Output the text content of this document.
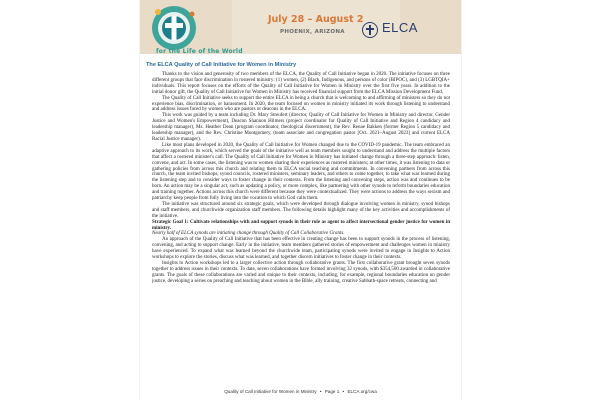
for the Life of the World
July 28 – August 2
PHOENIX, ARIZONA	ELCA
The ELCA Quality of Call Initiative for Women in Ministry

Thanks to the vision and generosity of two members of the ELCA, the Quality of Call Initiative began in 2020. The initiative focuses on three different groups that face discrimination in rostered ministry: (1) women, (2) Black, Indigenous, and persons of color (BIPOC), and (3) LGBTQIA+ individuals. This report focuses on the efforts of the Quality of Call Initiative for Women in Ministry over the first five years. In addition to the initial donor gift, the Quality of Call Initiative for Women in Ministry has received financial support from the ELCA Mission Development Fund.

The Quality of Call Initiative seeks to support the entire ELCA in being a church that is welcoming to and affirming of ministers so they do not experience bias, discrimination, or harassment. In 2020, the team focused on women in ministry initiated its work through listening to understand and address issues faced by women who are pastors or deacons in the ELCA.

This work was guided by a team including Dr. Mary Streufert (director, Quality of Call Initiative for Women in Ministry and director, Gender Justice and Women's Empowerment), Deacon Shannon Hilmers (project coordinator for Quality of Call Initiative and Region 4 candidacy and leadership manager), Ms. Heather Dean (program coordinator, theological discernment), the Rev. Renae Bakken (former Region 5 candidacy and leadership manager), and the Rev. Christine Montgomery, (team associate and congregation pastor [Oct. 2021–August 2023] and current ELCA Racial Justice manager).

Like most plans developed in 2020, the Quality of Call Initiative for Women changed due to the COVID-19 pandemic. The team embraced an adaptive approach to its work, which served the goals of the initiative well as team members sought to understand and address the multiple factors that affect a rostered minister's call. The Quality of Call Initiative for Women in Ministry has initiated change through a three-step approach: listen, convene, and act. In some cases, the listening was to women sharing their experiences as rostered ministers; at other times, it was listening to data or gathering policies from across this church and relating them to ELCA social teaching and commitments. In convening partners from across this church, the team invited bishops, synod councils, rostered ministers, seminary leaders, and others to come together, to take what was learned during the listening step and to consider ways to foster change in their contexts. From the listening and convening steps, action was and continues to be born. An action may be a singular act, such as updating a policy, or more complex, like partnering with other synods to reform boundaries education and training together. Actions across this church were different because they were contextualized. They were actions to address the ways sexism and patriarchy keep people from fully living into the vocation to which God calls them.

The initiative was structured around six strategic goals, which were developed through dialogue involving women in ministry, synod bishops and staff members, and churchwide organization staff members. The following details highlight many of the key activities and accomplishments of the initiative.

Strategic Goal 1: Cultivate relationships with and support synods in their role as agent to affect intersectional gender justice for women in ministry.

Nearly half of ELCA synods are initiating change through Quality of Call Collaborative Grants.

An approach of the Quality of Call Initiative that has been effective in creating change has been to support synods in the process of listening, convening, and acting to support change. Early in the initiative, team members gathered stories of empowerment and challenges women in ministry have experienced. To expand what was learned beyond the churchwide team, participating synods were invited to engage in Insights to Action workshops to explore the stories, discuss what was learned, and together discern initiatives to foster change in their contexts.

Insights to Action workshops led to a larger collective action through collaborative grants. The first collaborative grant brought seven synods together to address issues in their contexts. To date, seven collaborations have formed involving 32 synods, with $354,500 awarded in collaborative grants. The goals of these collaborations are varied and unique to their contexts, including, for example, regional boundaries education on gender justice, developing a series on preaching and teaching about women in the Bible, ally training, creative Sabbath-space retreats, connecting and

Quality of Call Initiative for Women in Ministry • Page 1 • ELCA.org/cwa
